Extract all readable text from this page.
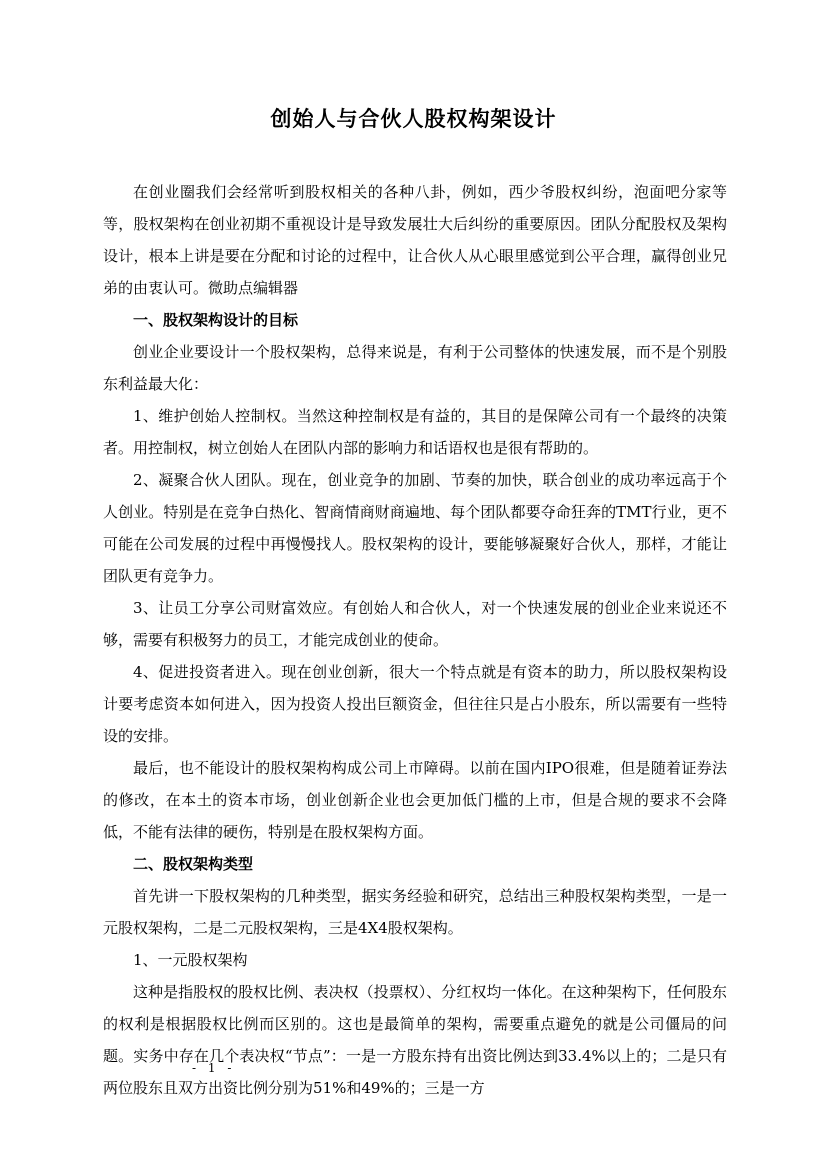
创始人与合伙人股权构架设计

在创业圈我们会经常听到股权相关的各种八卦，例如，西少爷股权纠纷，泡面吧分家等等，股权架构在创业初期不重视设计是导致发展壮大后纠纷的重要原因。团队分配股权及架构设计，根本上讲是要在分配和讨论的过程中，让合伙人从心眼里感觉到公平合理，赢得创业兄弟的由衷认可。微助点编辑器

一、股权架构设计的目标

创业企业要设计一个股权架构，总得来说是，有利于公司整体的快速发展，而不是个别股东利益最大化：

1、维护创始人控制权。当然这种控制权是有益的，其目的是保障公司有一个最终的决策者。用控制权，树立创始人在团队内部的影响力和话语权也是很有帮助的。

2、凝聚合伙人团队。现在，创业竞争的加剧、节奏的加快，联合创业的成功率远高于个人创业。特别是在竞争白热化、智商情商财商遍地、每个团队都要夺命狂奔的TMT行业，更不可能在公司发展的过程中再慢慢找人。股权架构的设计，要能够凝聚好合伙人，那样，才能让团队更有竞争力。

3、让员工分享公司财富效应。有创始人和合伙人，对一个快速发展的创业企业来说还不够，需要有积极努力的员工，才能完成创业的使命。

4、促进投资者进入。现在创业创新，很大一个特点就是有资本的助力，所以股权架构设计要考虑资本如何进入，因为投资人投出巨额资金，但往往只是占小股东，所以需要有一些特设的安排。

最后，也不能设计的股权架构构成公司上市障碍。以前在国内IPO很难，但是随着证券法的修改，在本土的资本市场，创业创新企业也会更加低门槛的上市，但是合规的要求不会降低，不能有法律的硬伤，特别是在股权架构方面。

二、股权架构类型

首先讲一下股权架构的几种类型，据实务经验和研究，总结出三种股权架构类型，一是一元股权架构，二是二元股权架构，三是4X4股权架构。

1、一元股权架构

这种是指股权的股权比例、表决权（投票权）、分红权均一体化。在这种架构下，任何股东的权利是根据股权比例而区别的。这也是最简单的架构，需要重点避免的就是公司僵局的问题。实务中存在几个表决权“节点”：一是一方股东持有出资比例达到33.4%以上的；二是只有两位股东且双方出资比例分别为51%和49%的；三是一方

- 1 -
